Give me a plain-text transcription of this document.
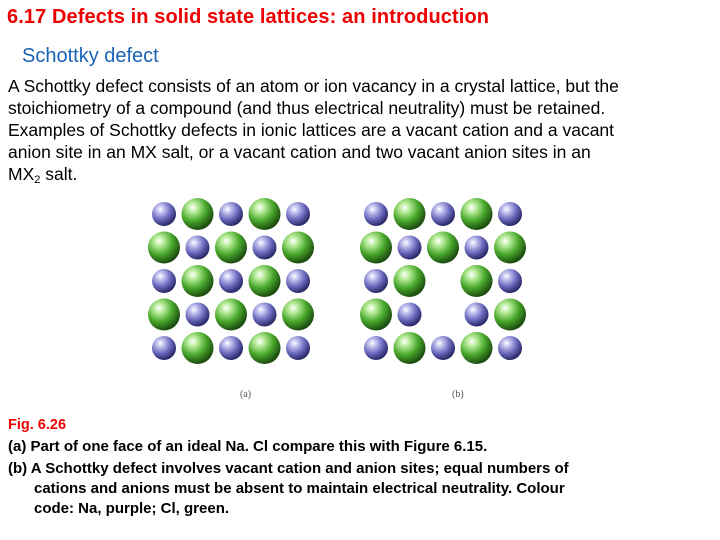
6.17 Defects in solid state lattices: an introduction
Schottky defect
A Schottky defect consists of an atom or ion vacancy in a crystal lattice, but the
stoichiometry of a compound (and thus electrical neutrality) must be retained.
Examples of Schottky defects in ionic lattices are a vacant cation and a vacant
anion site in an MX salt, or a vacant cation and two vacant anion sites in an
$MX_2$ salt.
(a)	(b)
Fig. 6.26
(a) Part of one face of an ideal Na. Cl compare this with Figure 6.15.
(b) A Schottky defect involves vacant cation and anion sites; equal numbers of
cations and anions must be absent to maintain electrical neutrality. Colour
code: Na, purple; Cl, green.
